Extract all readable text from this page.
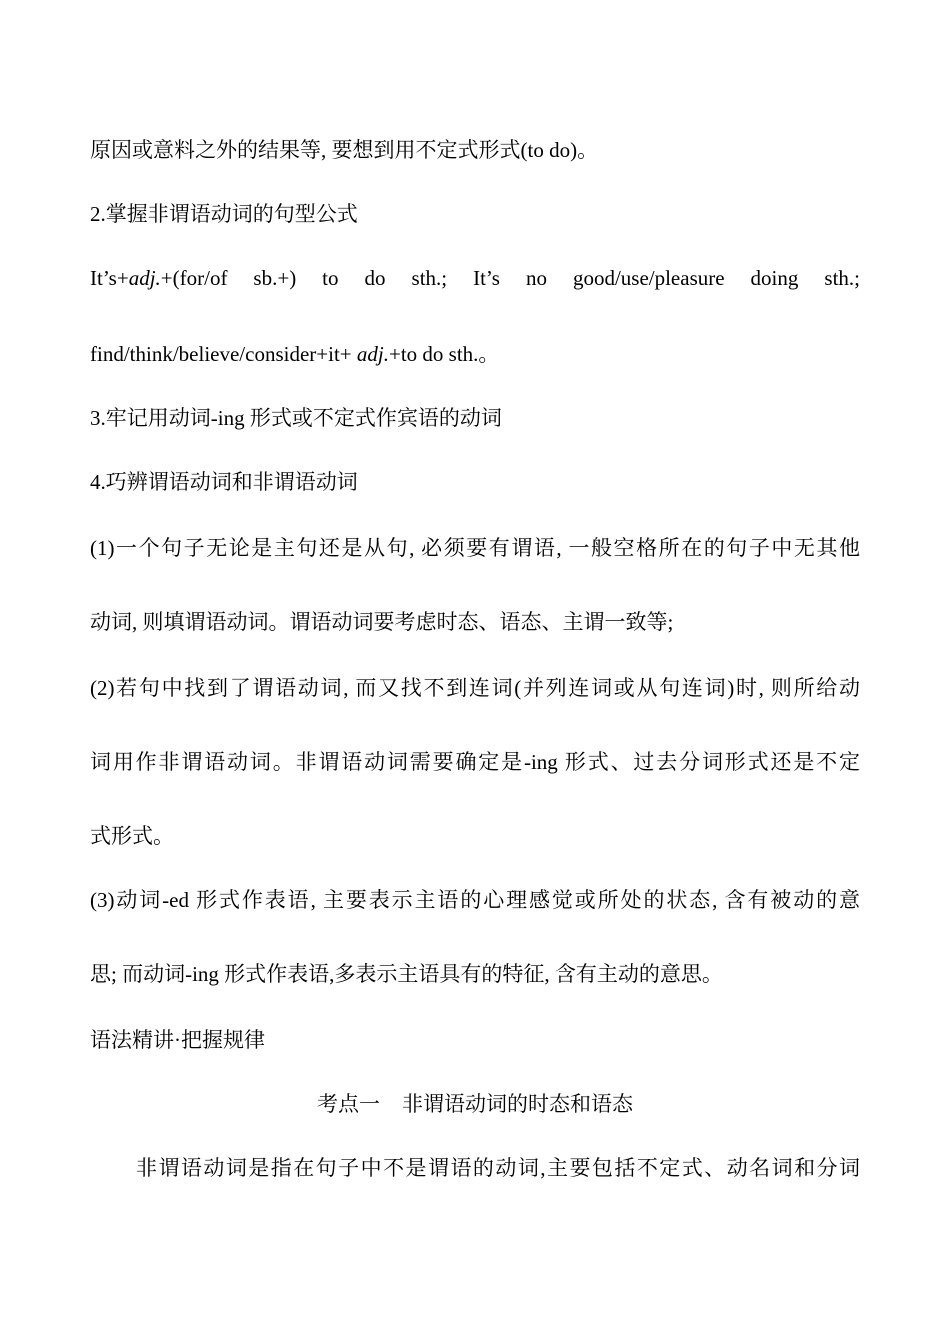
原因或意料之外的结果等, 要想到用不定式形式(to do)。
2.掌握非谓语动词的句型公式
It’s+adj.+(for/of sb.+) to do sth.; It’s no good/use/pleasure doing sth.;
find/think/believe/consider+it+ adj.+to do sth.。
3.牢记用动词-ing 形式或不定式作宾语的动词
4.巧辨谓语动词和非谓语动词
(1)一个句子无论是主句还是从句, 必须要有谓语, 一般空格所在的句子中无其他
动词, 则填谓语动词。谓语动词要考虑时态、语态、主谓一致等;
(2)若句中找到了谓语动词, 而又找不到连词(并列连词或从句连词)时, 则所给动
词用作非谓语动词。非谓语动词需要确定是-ing 形式、过去分词形式还是不定
式形式。
(3)动词-ed 形式作表语, 主要表示主语的心理感觉或所处的状态, 含有被动的意
思; 而动词-ing 形式作表语,多表示主语具有的特征, 含有主动的意思。
语法精讲·把握规律
考点一 非谓语动词的时态和语态
非谓语动词是指在句子中不是谓语的动词,主要包括不定式、动名词和分词
